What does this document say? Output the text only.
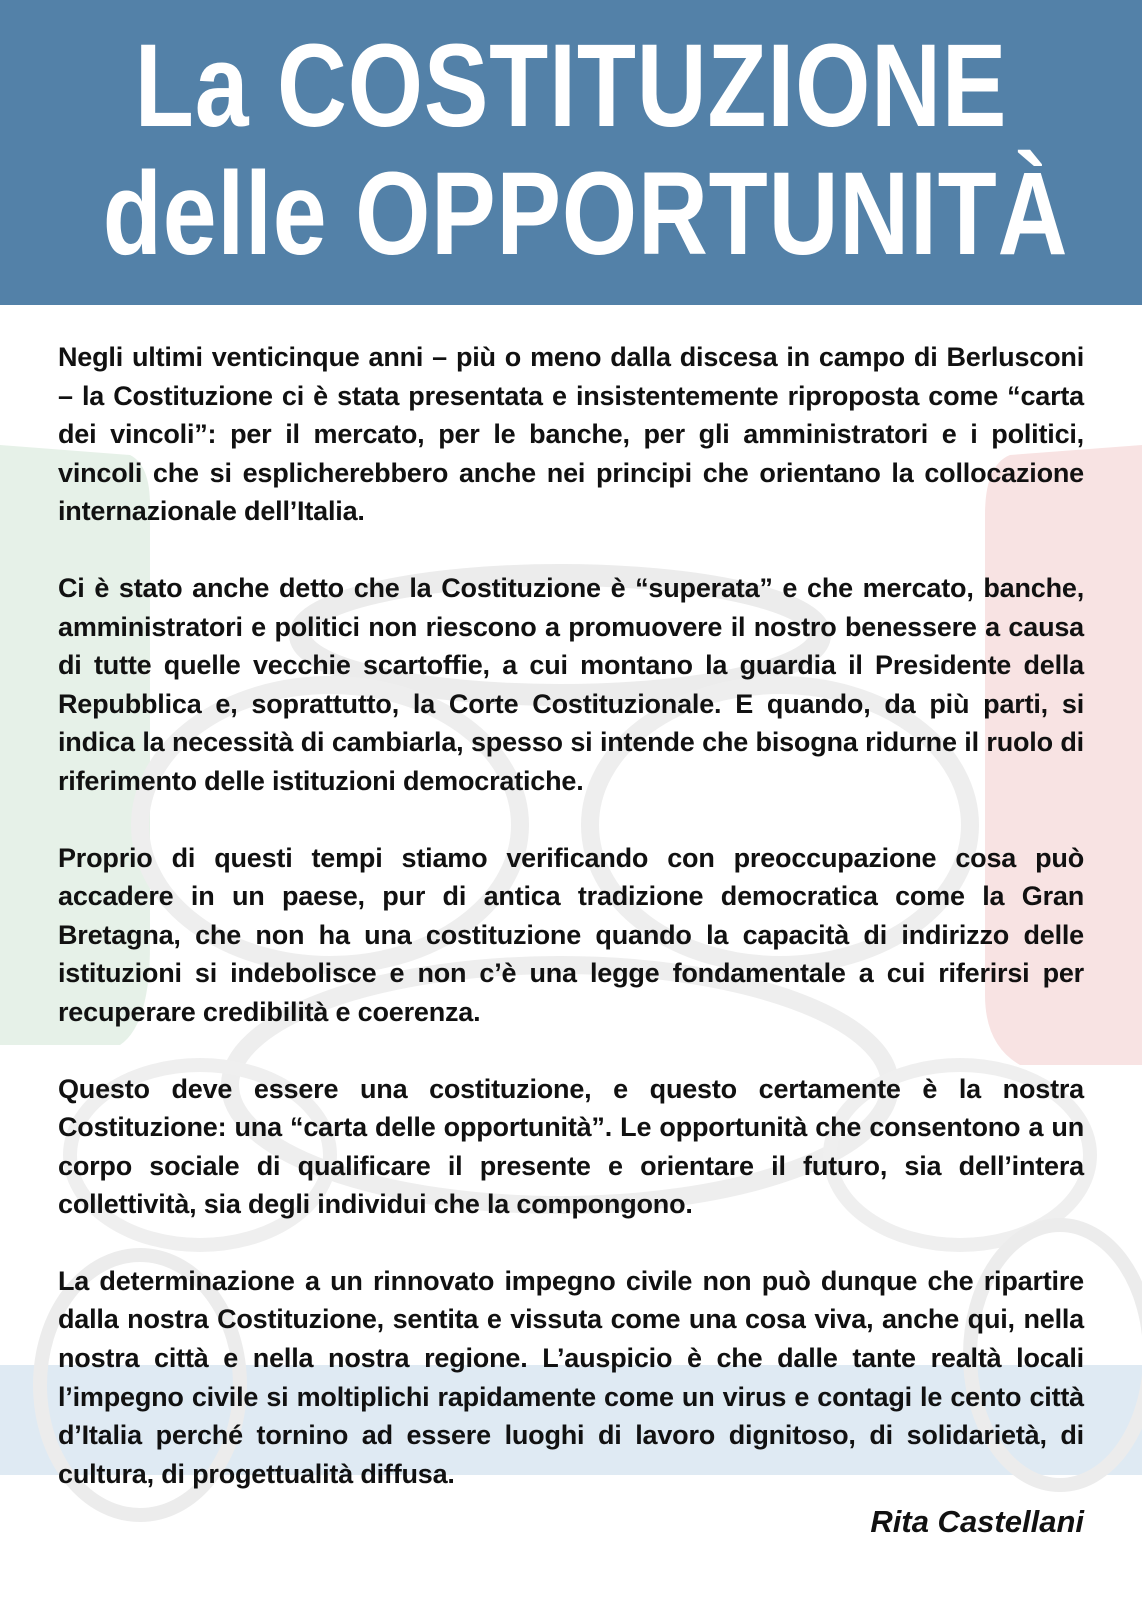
La COSTITUZIONE
delle OPPORTUNITÀ

Negli ultimi venticinque anni – più o meno dalla discesa in campo di Berlusconi – la Costituzione ci è stata presentata e insistentemente riproposta come “carta dei vincoli”: per il mercato, per le banche, per gli amministratori e i politici, vincoli che si esplicherebbero anche nei principi che orientano la collocazione internazionale dell’Italia.

Ci è stato anche detto che la Costituzione è “superata” e che mercato, banche, amministratori e politici non riescono a promuovere il nostro benessere a causa di tutte quelle vecchie scartoffie, a cui montano la guardia il Presidente della Repubblica e, soprattutto, la Corte Costituzionale. E quando, da più parti, si indica la necessità di cambiarla, spesso si intende che bisogna ridurne il ruolo di riferimento delle istituzioni democratiche.

Proprio di questi tempi stiamo verificando con preoccupazione cosa può accadere in un paese, pur di antica tradizione democratica come la Gran Bretagna, che non ha una costituzione quando la capacità di indirizzo delle istituzioni si indebolisce e non c’è una legge fondamentale a cui riferirsi per recuperare credibilità e coerenza.

Questo deve essere una costituzione, e questo certamente è la nostra Costituzione: una “carta delle opportunità”. Le opportunità che consentono a un corpo sociale di qualificare il presente e orientare il futuro, sia dell’intera collettività, sia degli individui che la compongono.

La determinazione a un rinnovato impegno civile non può dunque che ripartire dalla nostra Costituzione, sentita e vissuta come una cosa viva, anche qui, nella nostra città e nella nostra regione. L’auspicio è che dalle tante realtà locali l’impegno civile si moltiplichi rapidamente come un virus e contagi le cento città d’Italia perché tornino ad essere luoghi di lavoro dignitoso, di solidarietà, di cultura, di progettualità diffusa.

Rita Castellani
